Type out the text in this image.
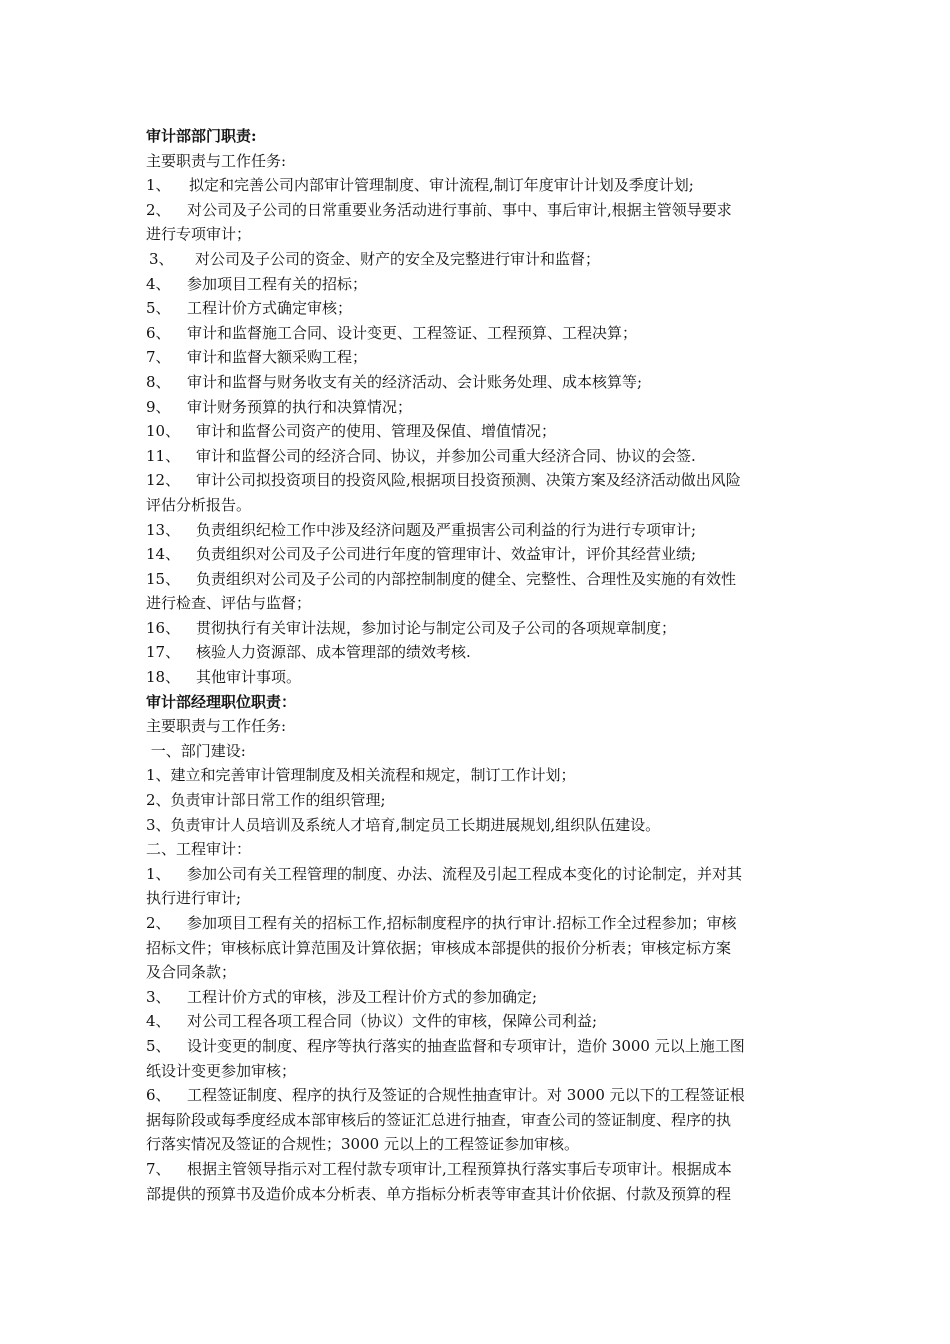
审计部部门职责:
主要职责与工作任务:
1、 拟定和完善公司内部审计管理制度、审计流程,制订年度审计计划及季度计划;
2、 对公司及子公司的日常重要业务活动进行事前、事中、事后审计,根据主管领导要求
进行专项审计；
3、 对公司及子公司的资金、财产的安全及完整进行审计和监督；
4、 参加项目工程有关的招标；
5、 工程计价方式确定审核；
6、 审计和监督施工合同、设计变更、工程签证、工程预算、工程决算；
7、 审计和监督大额采购工程；
8、 审计和监督与财务收支有关的经济活动、会计账务处理、成本核算等;
9、 审计财务预算的执行和决算情况；
10、 审计和监督公司资产的使用、管理及保值、增值情况；
11、 审计和监督公司的经济合同、协议，并参加公司重大经济合同、协议的会签.
12、 审计公司拟投资项目的投资风险,根据项目投资预测、决策方案及经济活动做出风险
评估分析报告。
13、 负责组织纪检工作中涉及经济问题及严重损害公司利益的行为进行专项审计;
14、 负责组织对公司及子公司进行年度的管理审计、效益审计，评价其经营业绩;
15、 负责组织对公司及子公司的内部控制制度的健全、完整性、合理性及实施的有效性
进行检查、评估与监督；
16、 贯彻执行有关审计法规，参加讨论与制定公司及子公司的各项规章制度；
17、 核验人力资源部、成本管理部的绩效考核.
18、 其他审计事项。
审计部经理职位职责：
主要职责与工作任务:
一、部门建设:
1、建立和完善审计管理制度及相关流程和规定，制订工作计划；
2、负责审计部日常工作的组织管理;
3、负责审计人员培训及系统人才培育,制定员工长期进展规划,组织队伍建设。
二、工程审计：
1、 参加公司有关工程管理的制度、办法、流程及引起工程成本变化的讨论制定，并对其
执行进行审计;
2、 参加项目工程有关的招标工作,招标制度程序的执行审计.招标工作全过程参加；审核
招标文件；审核标底计算范围及计算依据；审核成本部提供的报价分析表；审核定标方案
及合同条款；
3、 工程计价方式的审核，涉及工程计价方式的参加确定;
4、 对公司工程各项工程合同（协议）文件的审核，保障公司利益;
5、 设计变更的制度、程序等执行落实的抽查监督和专项审计，造价 3000 元以上施工图
纸设计变更参加审核；
6、 工程签证制度、程序的执行及签证的合规性抽查审计。对 3000 元以下的工程签证根
据每阶段或每季度经成本部审核后的签证汇总进行抽查，审查公司的签证制度、程序的执
行落实情况及签证的合规性；3000 元以上的工程签证参加审核。
7、 根据主管领导指示对工程付款专项审计,工程预算执行落实事后专项审计。根据成本
部提供的预算书及造价成本分析表、单方指标分析表等审查其计价依据、付款及预算的程
